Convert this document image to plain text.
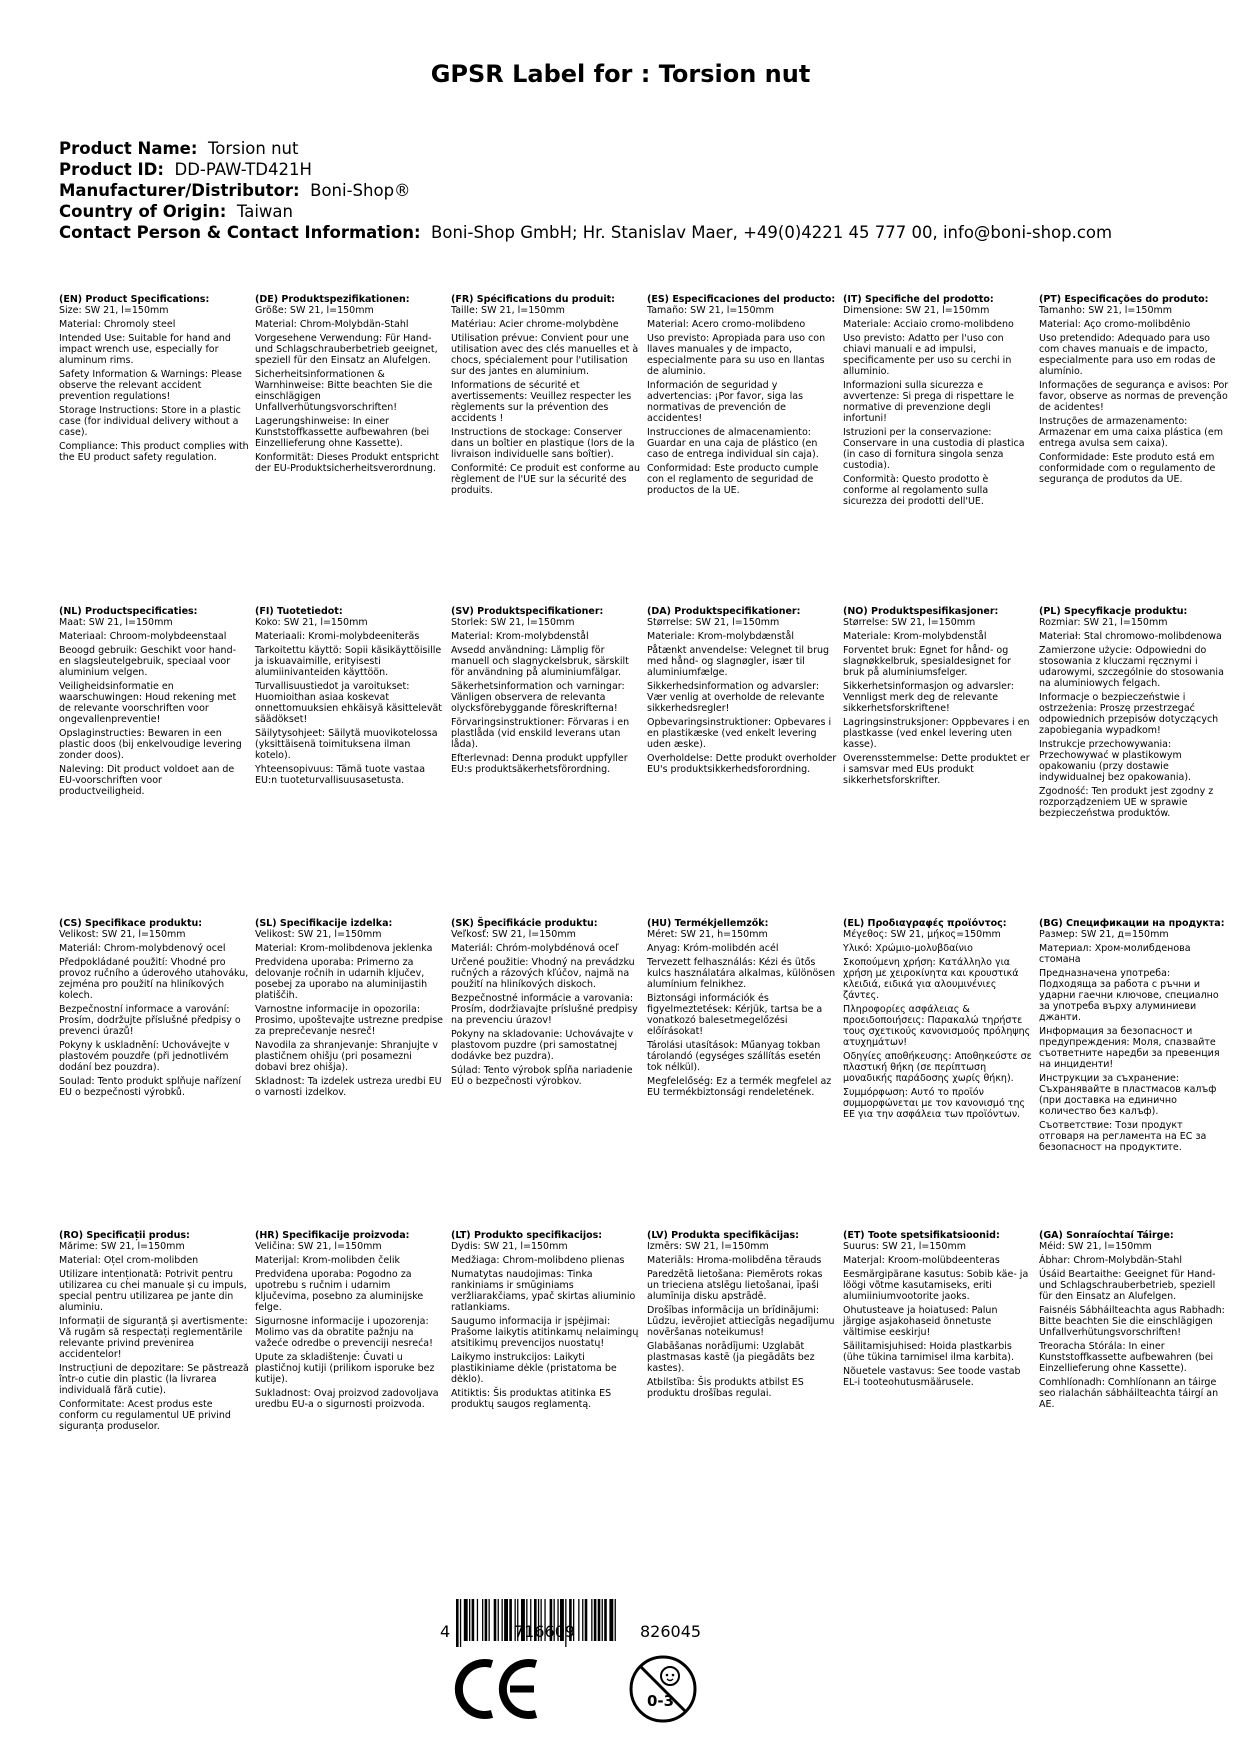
GPSR Label for : Torsion nut
Product Name: Torsion nut
Product ID: DD-PAW-TD421H
Manufacturer/Distributor: Boni-Shop®
Country of Origin: Taiwan
Contact Person & Contact Information: Boni-Shop GmbH; Hr. Stanislav Maer, +49(0)4221 45 777 00, info@boni-shop.com
(EN) Product Specifications:
Size: SW 21, l=150mm
Material: Chromoly steel
Intended Use: Suitable for hand and impact wrench use, especially for aluminum rims.
Safety Information & Warnings: Please observe the relevant accident prevention regulations!
Storage Instructions: Store in a plastic case (for individual delivery without a case).
Compliance: This product complies with the EU product safety regulation.
(DE) Produktspezifikationen:
Größe: SW 21, l=150mm
Material: Chrom-Molybdän-Stahl
Vorgesehene Verwendung: Für Hand- und Schlagschrauberbetrieb geeignet, speziell für den Einsatz an Alufelgen.
Sicherheitsinformationen & Warnhinweise: Bitte beachten Sie die einschlägigen Unfallverhütungsvorschriften!
Lagerungshinweise: In einer Kunststoffkassette aufbewahren (bei Einzellieferung ohne Kassette).
Konformität: Dieses Produkt entspricht der EU-Produktsicherheitsverordnung.
(FR) Spécifications du produit:
Taille: SW 21, l=150mm
Matériau: Acier chrome-molybdène
Utilisation prévue: Convient pour une utilisation avec des clés manuelles et à chocs, spécialement pour l'utilisation sur des jantes en aluminium.
Informations de sécurité et avertissements: Veuillez respecter les règlements sur la prévention des accidents !
Instructions de stockage: Conserver dans un boîtier en plastique (lors de la livraison individuelle sans boîtier).
Conformité: Ce produit est conforme au règlement de l'UE sur la sécurité des produits.
(ES) Especificaciones del producto:
Tamaño: SW 21, l=150mm
Material: Acero cromo-molibdeno
Uso previsto: Apropiada para uso con llaves manuales y de impacto, especialmente para su uso en llantas de aluminio.
Información de seguridad y advertencias: ¡Por favor, siga las normativas de prevención de accidentes!
Instrucciones de almacenamiento: Guardar en una caja de plástico (en caso de entrega individual sin caja).
Conformidad: Este producto cumple con el reglamento de seguridad de productos de la UE.
(IT) Specifiche del prodotto:
Dimensione: SW 21, l=150mm
Materiale: Acciaio cromo-molibdeno
Uso previsto: Adatto per l'uso con chiavi manuali e ad impulsi, specificamente per uso su cerchi in alluminio.
Informazioni sulla sicurezza e avvertenze: Si prega di rispettare le normative di prevenzione degli infortuni!
Istruzioni per la conservazione: Conservare in una custodia di plastica (in caso di fornitura singola senza custodia).
Conformità: Questo prodotto è conforme al regolamento sulla sicurezza dei prodotti dell'UE.
(PT) Especificações do produto:
Tamanho: SW 21, l=150mm
Material: Aço cromo-molibdênio
Uso pretendido: Adequado para uso com chaves manuais e de impacto, especialmente para uso em rodas de alumínio.
Informações de segurança e avisos: Por favor, observe as normas de prevenção de acidentes!
Instruções de armazenamento: Armazenar em uma caixa plástica (em entrega avulsa sem caixa).
Conformidade: Este produto está em conformidade com o regulamento de segurança de produtos da UE.
(NL) Productspecificaties:
Maat: SW 21, l=150mm
Materiaal: Chroom-molybdeenstaal
Beoogd gebruik: Geschikt voor hand- en slagsleutelgebruik, speciaal voor aluminium velgen.
Veiligheidsinformatie en waarschuwingen: Houd rekening met de relevante voorschriften voor ongevallenpreventie!
Opslaginstructies: Bewaren in een plastic doos (bij enkelvoudige levering zonder doos).
Naleving: Dit product voldoet aan de EU-voorschriften voor productveiligheid.
(FI) Tuotetiedot:
Koko: SW 21, l=150mm
Materiaali: Kromi-molybdeeniteräs
Tarkoitettu käyttö: Sopii käsikäyttöisille ja iskuavaimille, erityisesti alumiinivanteiden käyttöön.
Turvallisuustiedot ja varoitukset: Huomioithan asiaa koskevat onnettomuuksien ehkäisyä käsittelevät säädökset!
Säilytysohjeet: Säilytä muovikotelossa (yksittäisenä toimituksena ilman kotelo).
Yhteensopivuus: Tämä tuote vastaa EU:n tuoteturvallisuusasetusta.
(SV) Produktspecifikationer:
Storlek: SW 21, l=150mm
Material: Krom-molybdenstål
Avsedd användning: Lämplig för manuell och slagnyckelsbruk, särskilt för användning på aluminiumfälgar.
Säkerhetsinformation och varningar: Vänligen observera de relevanta olycksförebyggande föreskrifterna!
Förvaringsinstruktioner: Förvaras i en plastlåda (vid enskild leverans utan låda).
Efterlevnad: Denna produkt uppfyller EU:s produktsäkerhetsförordning.
(DA) Produktspecifikationer:
Størrelse: SW 21, l=150mm
Materiale: Krom-molybdænstål
Påtænkt anvendelse: Velegnet til brug med hånd- og slagnøgler, især til aluminiumfælge.
Sikkerhedsinformation og advarsler: Vær venlig at overholde de relevante sikkerhedsregler!
Opbevaringsinstruktioner: Opbevares i en plastikæske (ved enkelt levering uden æske).
Overholdelse: Dette produkt overholder EU's produktsikkerhedsforordning.
(NO) Produktspesifikasjoner:
Størrelse: SW 21, l=150mm
Materiale: Krom-molybdenstål
Forventet bruk: Egnet for hånd- og slagnøkkelbruk, spesialdesignet for bruk på aluminiumsfelger.
Sikkerhetsinformasjon og advarsler: Vennligst merk deg de relevante sikkerhetsforskriftene!
Lagringsinstruksjoner: Oppbevares i en plastkasse (ved enkel levering uten kasse).
Overensstemmelse: Dette produktet er i samsvar med EUs produkt sikkerhetsforskrifter.
(PL) Specyfikacje produktu:
Rozmiar: SW 21, l=150mm
Materiał: Stal chromowo-molibdenowa
Zamierzone użycie: Odpowiedni do stosowania z kluczami ręcznymi i udarowymi, szczególnie do stosowania na aluminiowych felgach.
Informacje o bezpieczeństwie i ostrzeżenia: Proszę przestrzegać odpowiednich przepisów dotyczących zapobiegania wypadkom!
Instrukcje przechowywania: Przechowywać w plastikowym opakowaniu (przy dostawie indywidualnej bez opakowania).
Zgodność: Ten produkt jest zgodny z rozporządzeniem UE w sprawie bezpieczeństwa produktów.
(CS) Specifikace produktu:
Velikost: SW 21, l=150mm
Materiál: Chrom-molybdenový ocel
Předpokládané použití: Vhodné pro provoz ručního a úderového utahováku, zejména pro použití na hliníkových kolech.
Bezpečnostní informace a varování: Prosím, dodržujte příslušné předpisy o prevenci úrazů!
Pokyny k uskladnění: Uchovávejte v plastovém pouzdře (při jednotlivém dodání bez pouzdra).
Soulad: Tento produkt splňuje nařízení EU o bezpečnosti výrobků.
(SL) Specifikacije izdelka:
Velikost: SW 21, l=150mm
Material: Krom-molibdenova jeklenka
Predvidena uporaba: Primerno za delovanje ročnih in udarnih ključev, posebej za uporabo na aluminijastih platiščih.
Varnostne informacije in opozorila: Prosimo, upoštevajte ustrezne predpise za preprečevanje nesreč!
Navodila za shranjevanje: Shranjujte v plastičnem ohišju (pri posamezni dobavi brez ohišja).
Skladnost: Ta izdelek ustreza uredbi EU o varnosti izdelkov.
(SK) Špecifikácie produktu:
Veľkosť: SW 21, l=150mm
Materiál: Chróm-molybdénová oceľ
Určené použitie: Vhodný na prevádzku ručných a rázových kľúčov, najmä na použití na hliníkových diskoch.
Bezpečnostné informácie a varovania: Prosím, dodržiavajte príslušné predpisy na prevenciu úrazov!
Pokyny na skladovanie: Uchovávajte v plastovom puzdre (pri samostatnej dodávke bez puzdra).
Súlad: Tento výrobok spĺňa nariadenie EÚ o bezpečnosti výrobkov.
(HU) Termékjellemzők:
Méret: SW 21, h=150mm
Anyag: Króm-molibdén acél
Tervezett felhasználás: Kézi és ütős kulcs használatára alkalmas, különösen alumínium felnikhez.
Biztonsági információk és figyelmeztetések: Kérjük, tartsa be a vonatkozó balesetmegelőzési előírásokat!
Tárolási utasítások: Műanyag tokban tárolandó (egységes szállítás esetén tok nélkül).
Megfelelőség: Ez a termék megfelel az EU termékbiztonsági rendeletének.
(EL) Προδιαγραφές προϊόντος:
Μέγεθος: SW 21, μήκος=150mm
Υλικό: Χρώμιο-μολυβδαίνιο
Σκοπούμενη χρήση: Κατάλληλο για χρήση με χειροκίνητα και κρουστικά κλειδιά, ειδικά για αλουμινένιες ζάντες.
Πληροφορίες ασφάλειας & προειδοποιήσεις: Παρακαλώ τηρήστε τους σχετικούς κανονισμούς πρόληψης ατυχημάτων!
Οδηγίες αποθήκευσης: Αποθηκεύστε σε πλαστική θήκη (σε περίπτωση μοναδικής παράδοσης χωρίς θήκη).
Συμμόρφωση: Αυτό το προϊόν συμμορφώνεται με τον κανονισμό της ΕΕ για την ασφάλεια των προϊόντων.
(BG) Спецификации на продукта:
Размер: SW 21, д=150mm
Материал: Хром-молибденова стомана
Предназначена употреба: Подходяща за работа с ръчни и ударни гаечни ключове, специално за употреба върху алуминиеви джанти.
Информация за безопасност и предупреждения: Моля, спазвайте съответните наредби за превенция на инциденти!
Инструкции за съхранение: Съхранявайте в пластмасов калъф (при доставка на единично количество без калъф).
Съответствие: Този продукт отговаря на регламента на ЕС за безопасност на продуктите.
(RO) Specificații produs:
Mărime: SW 21, l=150mm
Material: Oțel crom-molibden
Utilizare intenționată: Potrivit pentru utilizarea cu chei manuale și cu impuls, special pentru utilizarea pe jante din aluminiu.
Informații de siguranță și avertismente: Vă rugăm să respectați reglementările relevante privind prevenirea accidentelor!
Instrucțiuni de depozitare: Se păstrează într-o cutie din plastic (la livrarea individuală fără cutie).
Conformitate: Acest produs este conform cu regulamentul UE privind siguranța produselor.
(HR) Specifikacije proizvoda:
Veličina: SW 21, l=150mm
Materijal: Krom-molibden čelik
Predviđena uporaba: Pogodno za upotrebu s ručnim i udarnim ključevima, posebno za aluminijske felge.
Sigurnosne informacije i upozorenja: Molimo vas da obratite pažnju na važeće odredbe o prevenciji nesreća!
Upute za skladištenje: Čuvati u plastičnoj kutiji (prilikom isporuke bez kutije).
Sukladnost: Ovaj proizvod zadovoljava uredbu EU-a o sigurnosti proizvoda.
(LT) Produkto specifikacijos:
Dydis: SW 21, l=150mm
Medžiaga: Chrom-molibdeno plienas
Numatytas naudojimas: Tinka rankiniams ir smūginiams veržliarakčiams, ypač skirtas aliuminio ratlankiams.
Saugumo informacija ir įspėjimai: Prašome laikytis atitinkamų nelaimingų atsitikimų prevencijos nuostatų!
Laikymo instrukcijos: Laikyti plastikiniame dėkle (pristatoma be dėklo).
Atitiktis: Šis produktas atitinka ES produktų saugos reglamentą.
(LV) Produkta specifikācijas:
Izmērs: SW 21, l=150mm
Materiāls: Hroma-molibdēna tērauds
Paredzētā lietošana: Piemērots rokas un trieciena atslēgu lietošanai, īpaši alumīnija disku apstrādē.
Drošības informācija un brīdinājumi: Lūdzu, ievērojiet attiecīgās negadījumu novēršanas noteikumus!
Glabāšanas norādījumi: Uzglabāt plastmasas kastē (ja piegādāts bez kastes).
Atbilstība: Šis produkts atbilst ES produktu drošības regulai.
(ET) Toote spetsifikatsioonid:
Suurus: SW 21, l=150mm
Materjal: Kroom-molübdeenteras
Eesmärgipärane kasutus: Sobib käe- ja löögi võtme kasutamiseks, eriti alumiiniumvootorite jaoks.
Ohutusteave ja hoiatused: Palun järgige asjakohaseid õnnetuste vältimise eeskirju!
Säilitamisjuhised: Hoida plastkarbis (ühe tükina tarnimisel ilma karbita).
Nõuetele vastavus: See toode vastab EL-i tooteohutusmäärusele.
(GA) Sonraíochtaí Táirge:
Méid: SW 21, l=150mm
Ábhar: Chrom-Molybdän-Stahl
Úsáid Beartaithe: Geeignet für Hand- und Schlagschrauberbetrieb, speziell für den Einsatz an Alufelgen.
Faisnéis Sábháilteachta agus Rabhadh: Bitte beachten Sie die einschlägigen Unfallverhütungsvorschriften!
Treoracha Stórála: In einer Kunststoffkassette aufbewahren (bei Einzellieferung ohne Kassette).
Comhlíonadh: Comhlíonann an táirge seo rialachán sábháilteachta táirgí an AE.
4	716609	826045
0-3
